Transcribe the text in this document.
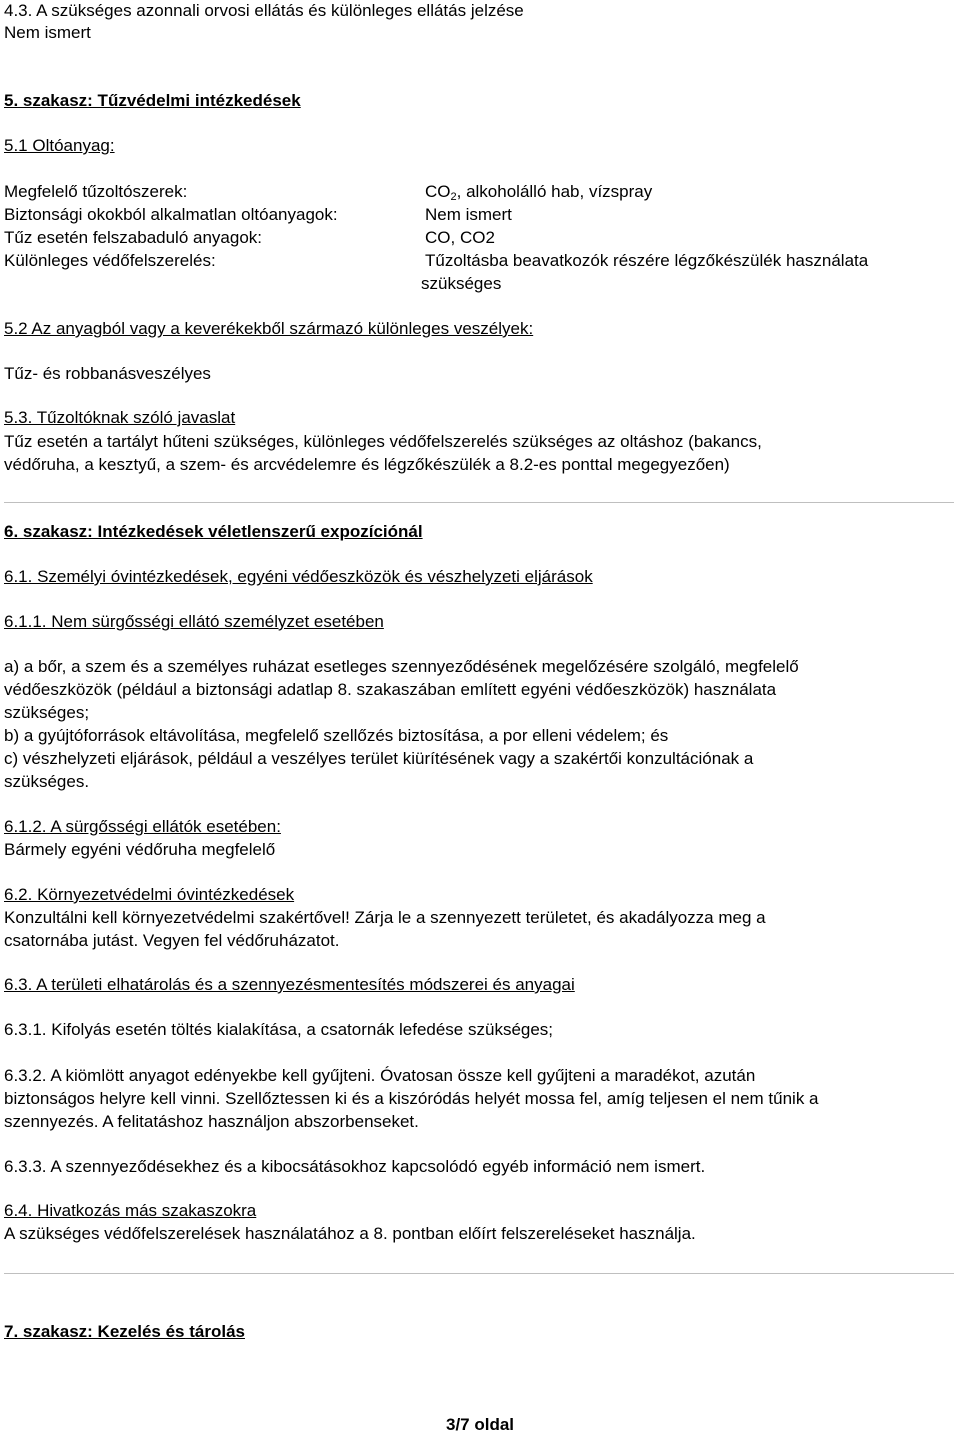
4.3. A szükséges azonnali orvosi ellátás és különleges ellátás jelzése
Nem ismert
5. szakasz: Tűzvédelmi intézkedések
5.1 Oltóanyag:
Megfelelő tűzoltószerek:	$CO_2$, alkoholálló hab, vízspray
Biztonsági okokból alkalmatlan oltóanyagok:	Nem ismert
Tűz esetén felszabaduló anyagok:	CO, CO2
Különleges védőfelszerelés:	Tűzoltásba beavatkozók részére légzőkészülék használata
szükséges
5.2 Az anyagból vagy a keverékekből származó különleges veszélyek:
Tűz- és robbanásveszélyes
5.3. Tűzoltóknak szóló javaslat
Tűz esetén a tartályt hűteni szükséges, különleges védőfelszerelés szükséges az oltáshoz (bakancs,
védőruha, a kesztyű, a szem- és arcvédelemre és légzőkészülék a 8.2-es ponttal megegyezően)
6. szakasz: Intézkedések véletlenszerű expozíciónál
6.1. Személyi óvintézkedések, egyéni védőeszközök és vészhelyzeti eljárások
6.1.1. Nem sürgősségi ellátó személyzet esetében
a) a bőr, a szem és a személyes ruházat esetleges szennyeződésének megelőzésére szolgáló, megfelelő
védőeszközök (például a biztonsági adatlap 8. szakaszában említett egyéni védőeszközök) használata
szükséges;
b) a gyújtóforrások eltávolítása, megfelelő szellőzés biztosítása, a por elleni védelem; és
c) vészhelyzeti eljárások, például a veszélyes terület kiürítésének vagy a szakértői konzultációnak a
szükséges.
6.1.2. A sürgősségi ellátók esetében:
Bármely egyéni védőruha megfelelő
6.2. Környezetvédelmi óvintézkedések
Konzultálni kell környezetvédelmi szakértővel! Zárja le a szennyezett területet, és akadályozza meg a
csatornába jutást. Vegyen fel védőruházatot.
6.3. A területi elhatárolás és a szennyezésmentesítés módszerei és anyagai
6.3.1. Kifolyás esetén töltés kialakítása, a csatornák lefedése szükséges;
6.3.2. A kiömlött anyagot edényekbe kell gyűjteni. Óvatosan össze kell gyűjteni a maradékot, azután
biztonságos helyre kell vinni. Szellőztessen ki és a kiszóródás helyét mossa fel, amíg teljesen el nem tűnik a
szennyezés. A felitatáshoz használjon abszorbenseket.
6.3.3. A szennyeződésekhez és a kibocsátásokhoz kapcsolódó egyéb információ nem ismert.
6.4. Hivatkozás más szakaszokra
A szükséges védőfelszerelések használatához a 8. pontban előírt felszereléseket használja.
7. szakasz: Kezelés és tárolás
3/7 oldal
